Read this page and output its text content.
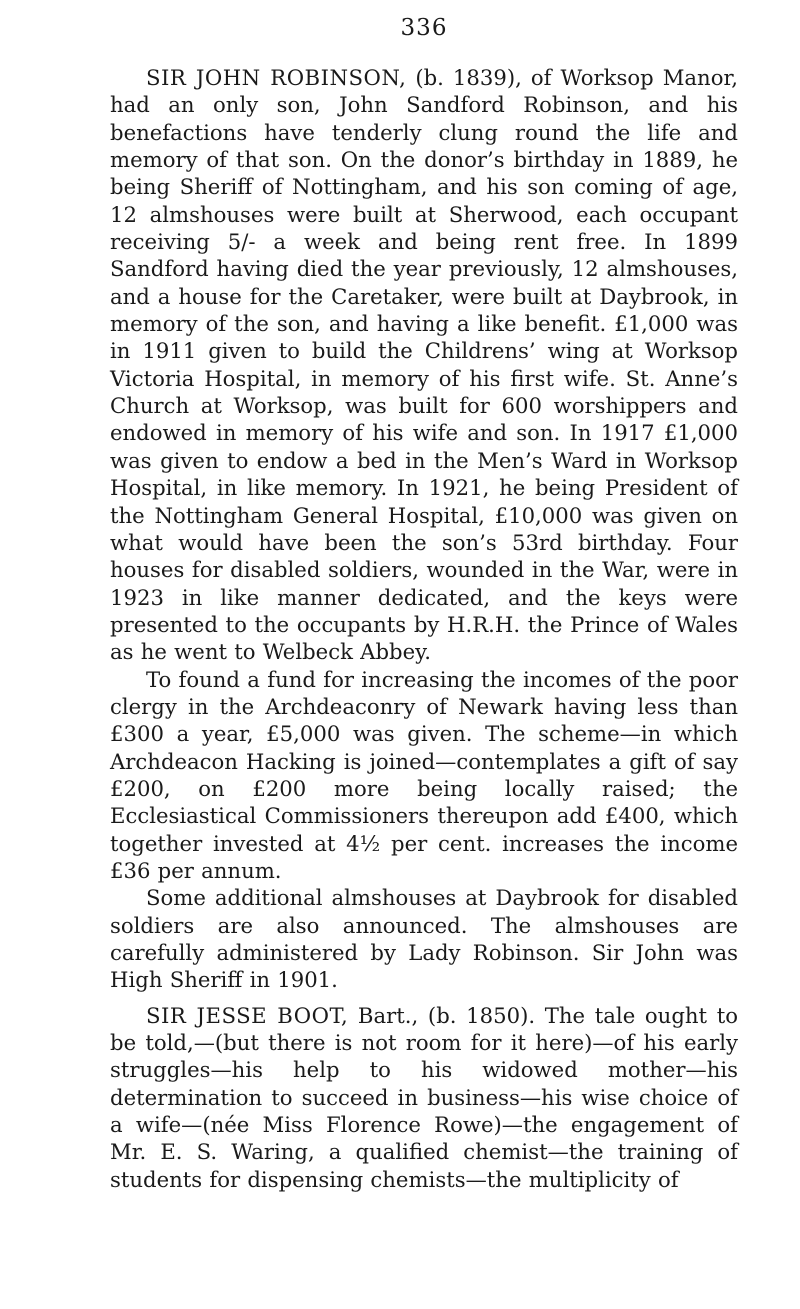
336

SIR JOHN ROBINSON, (b. 1839), of Worksop Manor, had an only son, John Sandford Robinson, and his benefactions have tenderly clung round the life and memory of that son. On the donor’s birthday in 1889, he being Sheriff of Nottingham, and his son coming of age, 12 almshouses were built at Sherwood, each occupant receiving 5/- a week and being rent free. In 1899 Sandford having died the year previously, 12 almshouses, and a house for the Caretaker, were built at Daybrook, in memory of the son, and having a like benefit. £1,000 was in 1911 given to build the Childrens’ wing at Worksop Victoria Hospital, in memory of his first wife. St. Anne’s Church at Worksop, was built for 600 worshippers and endowed in memory of his wife and son. In 1917 £1,000 was given to endow a bed in the Men’s Ward in Worksop Hospital, in like memory. In 1921, he being President of the Nottingham General Hospital, £10,000 was given on what would have been the son’s 53rd birthday. Four houses for disabled soldiers, wounded in the War, were in 1923 in like manner dedicated, and the keys were presented to the occupants by H.R.H. the Prince of Wales as he went to Welbeck Abbey.

To found a fund for increasing the incomes of the poor clergy in the Archdeaconry of Newark having less than £300 a year, £5,000 was given. The scheme—in which Archdeacon Hacking is joined—contemplates a gift of say £200, on £200 more being locally raised; the Ecclesiastical Commissioners thereupon add £400, which together invested at 4½ per cent. increases the income £36 per annum.

Some additional almshouses at Daybrook for disabled soldiers are also announced. The almshouses are carefully administered by Lady Robinson. Sir John was High Sheriff in 1901.

SIR JESSE BOOT, Bart., (b. 1850). The tale ought to be told,—(but there is not room for it here)—of his early struggles—his help to his widowed mother—his determination to succeed in business—his wise choice of a wife—(née Miss Florence Rowe)—the engagement of Mr. E. S. Waring, a qualified chemist—the training of students for dispensing chemists—the multiplicity of
